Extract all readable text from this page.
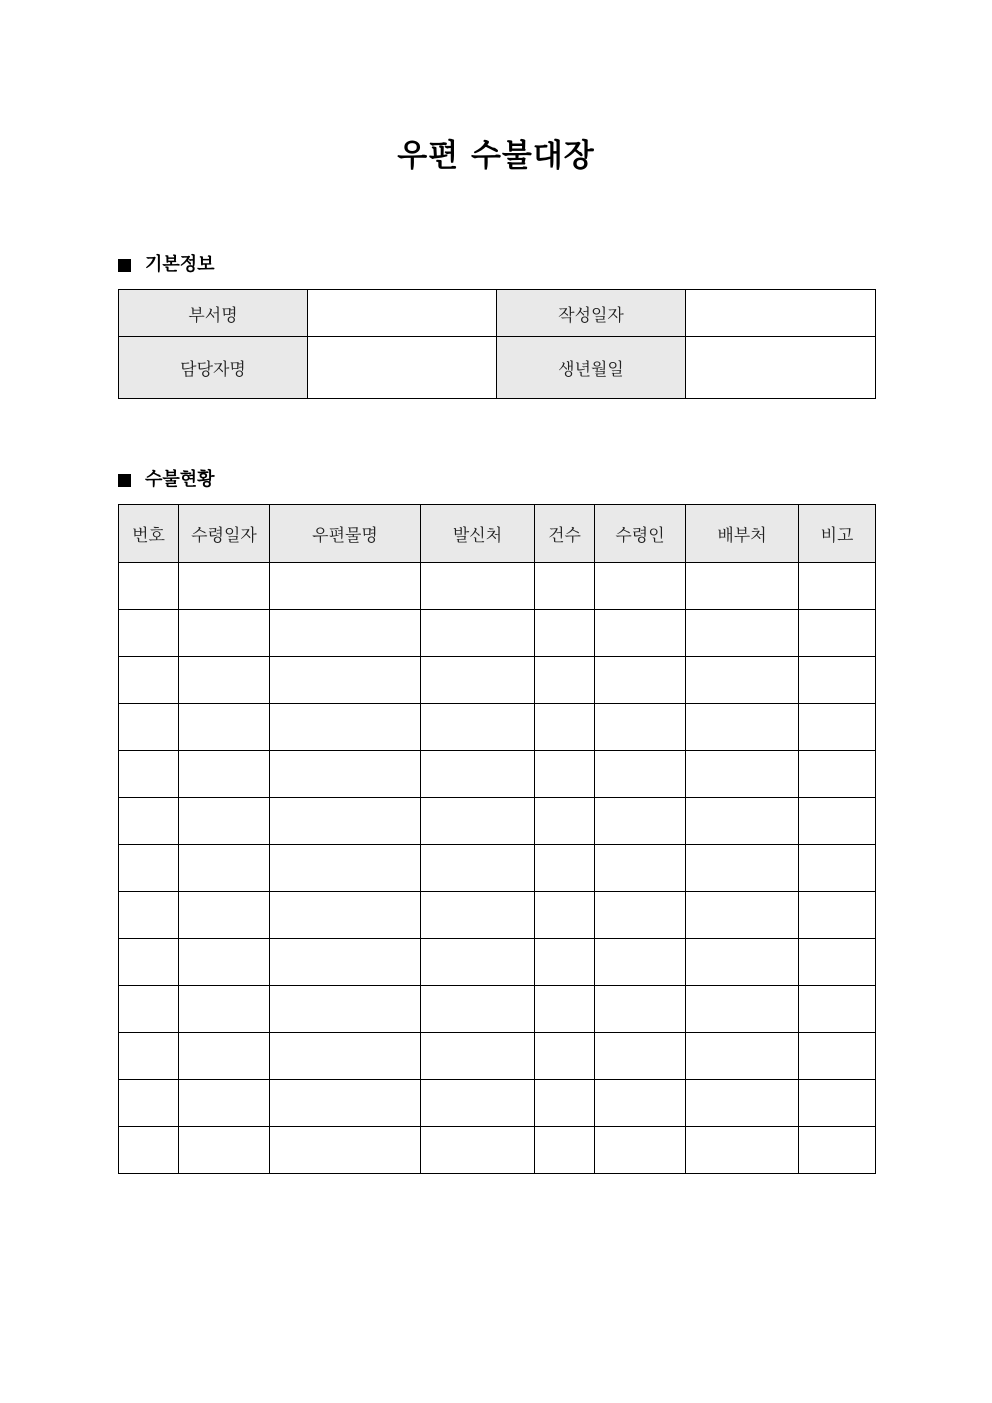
우편 수불대장
기본정보
부서명		작성일자	
담당자명		생년월일	
수불현황
번호	수령일자	우편물명	발신처	건수	수령인	배부처	비고
